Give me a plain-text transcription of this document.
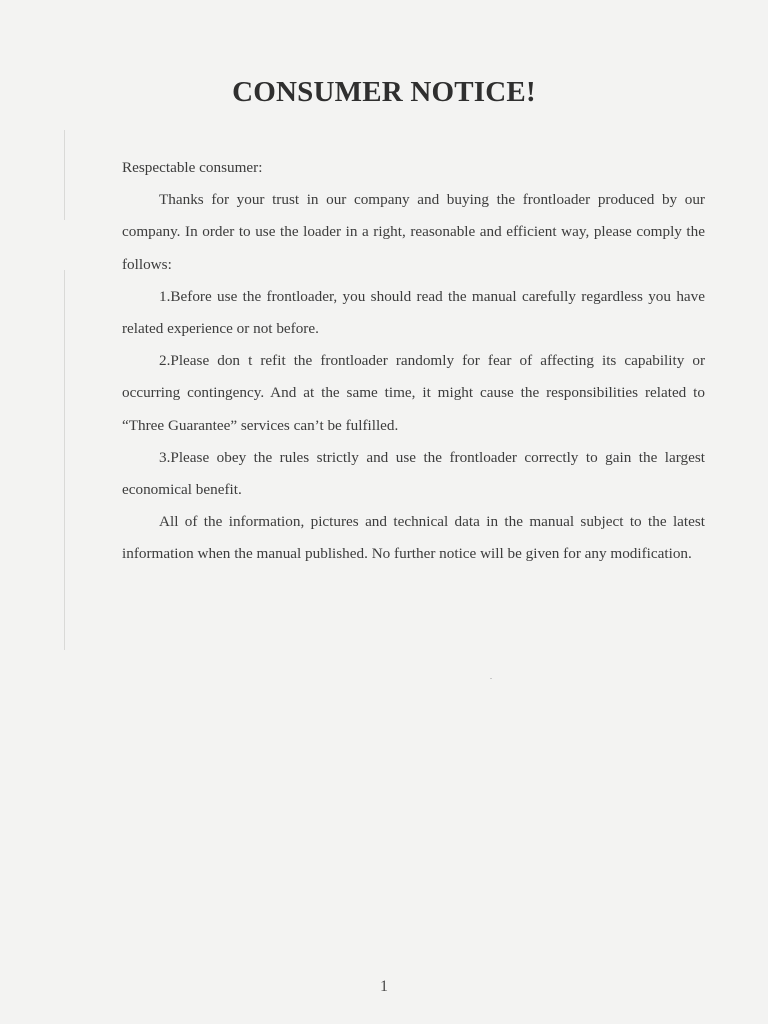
CONSUMER NOTICE!

Respectable consumer:

Thanks for your trust in our company and buying the frontloader produced by our company. In order to use the loader in a right, reasonable and efficient way, please comply the follows:

1.Before use the frontloader, you should read the manual carefully regardless you have related experience or not before.

2.Please don t refit the frontloader randomly for fear of affecting its capability or occurring contingency. And at the same time, it might cause the responsibilities related to “Three Guarantee” services can’t be fulfilled.

3.Please obey the rules strictly and use the frontloader correctly to gain the largest economical benefit.

All of the information, pictures and technical data in the manual subject to the latest information when the manual published. No further notice will be given for any modification.

1
